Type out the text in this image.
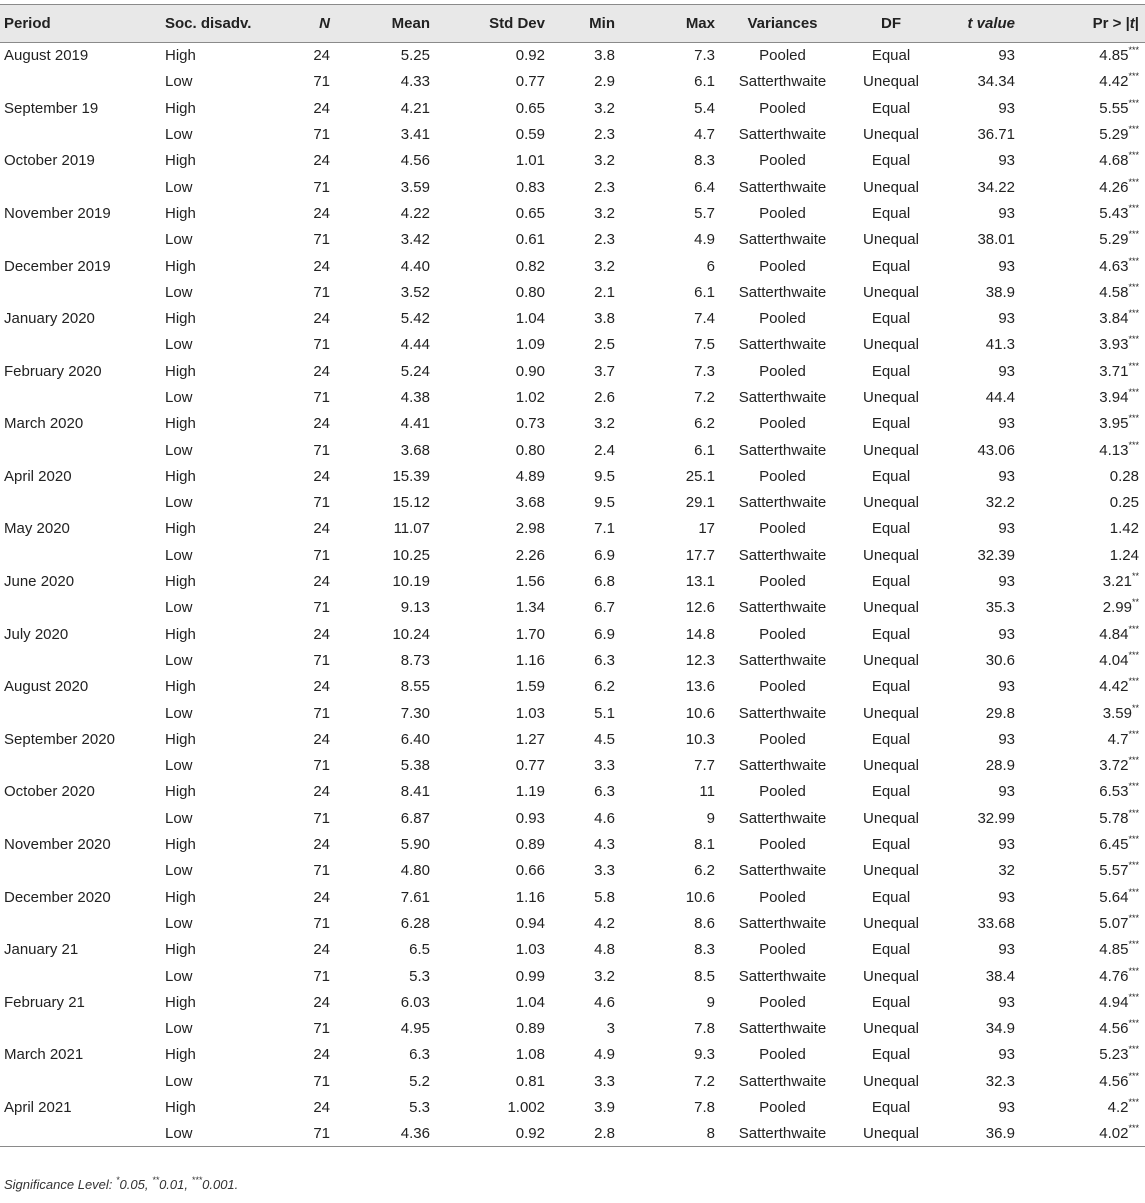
Period	Soc. disadv.	N	Mean	Std Dev	Min	Max	Variances	DF	t value	Pr > |t|
August 2019	High	24	5.25	0.92	3.8	7.3	Pooled	Equal	93	4.85***
	Low	71	4.33	0.77	2.9	6.1	Satterthwaite	Unequal	34.34	4.42***
September 19	High	24	4.21	0.65	3.2	5.4	Pooled	Equal	93	5.55***
	Low	71	3.41	0.59	2.3	4.7	Satterthwaite	Unequal	36.71	5.29***
October 2019	High	24	4.56	1.01	3.2	8.3	Pooled	Equal	93	4.68***
	Low	71	3.59	0.83	2.3	6.4	Satterthwaite	Unequal	34.22	4.26***
November 2019	High	24	4.22	0.65	3.2	5.7	Pooled	Equal	93	5.43***
	Low	71	3.42	0.61	2.3	4.9	Satterthwaite	Unequal	38.01	5.29***
December 2019	High	24	4.40	0.82	3.2	6	Pooled	Equal	93	4.63***
	Low	71	3.52	0.80	2.1	6.1	Satterthwaite	Unequal	38.9	4.58***
January 2020	High	24	5.42	1.04	3.8	7.4	Pooled	Equal	93	3.84***
	Low	71	4.44	1.09	2.5	7.5	Satterthwaite	Unequal	41.3	3.93***
February 2020	High	24	5.24	0.90	3.7	7.3	Pooled	Equal	93	3.71***
	Low	71	4.38	1.02	2.6	7.2	Satterthwaite	Unequal	44.4	3.94***
March 2020	High	24	4.41	0.73	3.2	6.2	Pooled	Equal	93	3.95***
	Low	71	3.68	0.80	2.4	6.1	Satterthwaite	Unequal	43.06	4.13***
April 2020	High	24	15.39	4.89	9.5	25.1	Pooled	Equal	93	0.28
	Low	71	15.12	3.68	9.5	29.1	Satterthwaite	Unequal	32.2	0.25
May 2020	High	24	11.07	2.98	7.1	17	Pooled	Equal	93	1.42
	Low	71	10.25	2.26	6.9	17.7	Satterthwaite	Unequal	32.39	1.24
June 2020	High	24	10.19	1.56	6.8	13.1	Pooled	Equal	93	3.21**
	Low	71	9.13	1.34	6.7	12.6	Satterthwaite	Unequal	35.3	2.99**
July 2020	High	24	10.24	1.70	6.9	14.8	Pooled	Equal	93	4.84***
	Low	71	8.73	1.16	6.3	12.3	Satterthwaite	Unequal	30.6	4.04***
August 2020	High	24	8.55	1.59	6.2	13.6	Pooled	Equal	93	4.42***
	Low	71	7.30	1.03	5.1	10.6	Satterthwaite	Unequal	29.8	3.59**
September 2020	High	24	6.40	1.27	4.5	10.3	Pooled	Equal	93	4.7***
	Low	71	5.38	0.77	3.3	7.7	Satterthwaite	Unequal	28.9	3.72***
October 2020	High	24	8.41	1.19	6.3	11	Pooled	Equal	93	6.53***
	Low	71	6.87	0.93	4.6	9	Satterthwaite	Unequal	32.99	5.78***
November 2020	High	24	5.90	0.89	4.3	8.1	Pooled	Equal	93	6.45***
	Low	71	4.80	0.66	3.3	6.2	Satterthwaite	Unequal	32	5.57***
December 2020	High	24	7.61	1.16	5.8	10.6	Pooled	Equal	93	5.64***
	Low	71	6.28	0.94	4.2	8.6	Satterthwaite	Unequal	33.68	5.07***
January 21	High	24	6.5	1.03	4.8	8.3	Pooled	Equal	93	4.85***
	Low	71	5.3	0.99	3.2	8.5	Satterthwaite	Unequal	38.4	4.76***
February 21	High	24	6.03	1.04	4.6	9	Pooled	Equal	93	4.94***
	Low	71	4.95	0.89	3	7.8	Satterthwaite	Unequal	34.9	4.56***
March 2021	High	24	6.3	1.08	4.9	9.3	Pooled	Equal	93	5.23***
	Low	71	5.2	0.81	3.3	7.2	Satterthwaite	Unequal	32.3	4.56***
April 2021	High	24	5.3	1.002	3.9	7.8	Pooled	Equal	93	4.2***
	Low	71	4.36	0.92	2.8	8	Satterthwaite	Unequal	36.9	4.02***
Significance Level: *0.05, **0.01, ***0.001.
